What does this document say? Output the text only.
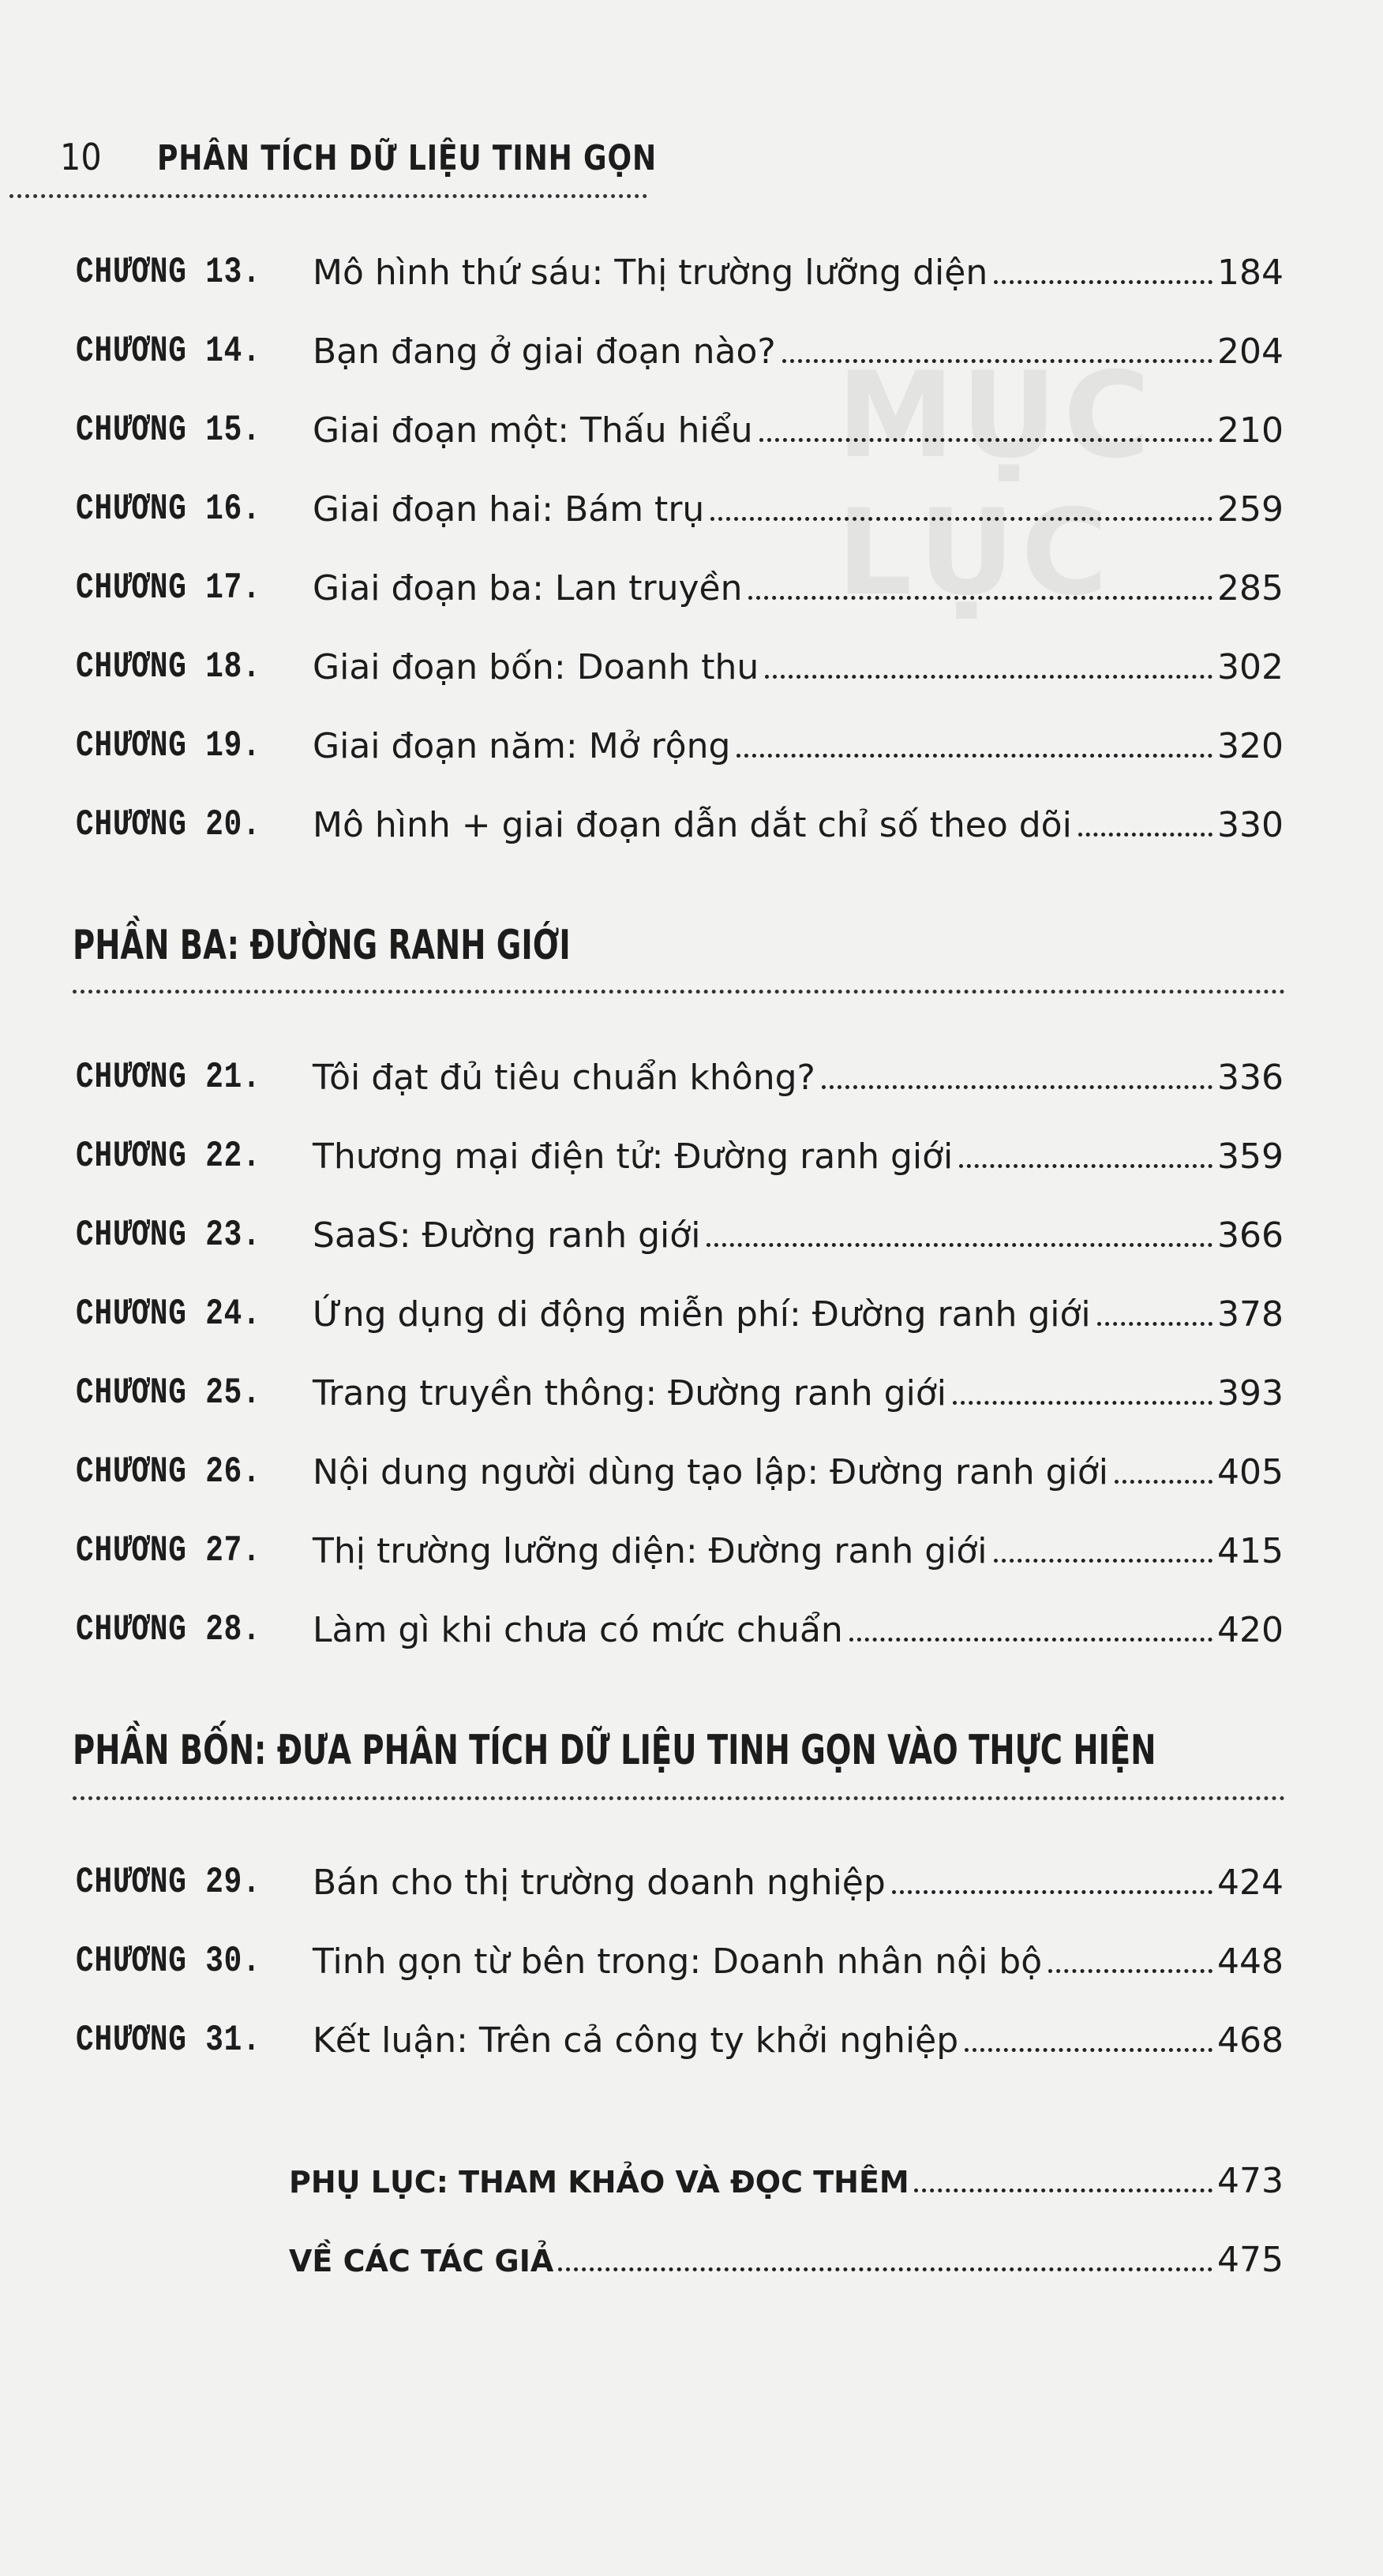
MỤC LỤC
10 PHÂN TÍCH DỮ LIỆU TINH GỌN
CHƯƠNG 13. Mô hình thứ sáu: Thị trường lưỡng diện	184
CHƯƠNG 14. Bạn đang ở giai đoạn nào?	204
CHƯƠNG 15. Giai đoạn một: Thấu hiểu	210
CHƯƠNG 16. Giai đoạn hai: Bám trụ	259
CHƯƠNG 17. Giai đoạn ba: Lan truyền	285
CHƯƠNG 18. Giai đoạn bốn: Doanh thu	302
CHƯƠNG 19. Giai đoạn năm: Mở rộng	320
CHƯƠNG 20. Mô hình + giai đoạn dẫn dắt chỉ số theo dõi	330
PHẦN BA: ĐƯỜNG RANH GIỚI
CHƯƠNG 21. Tôi đạt đủ tiêu chuẩn không?	336
CHƯƠNG 22. Thương mại điện tử: Đường ranh giới	359
CHƯƠNG 23. SaaS: Đường ranh giới	366
CHƯƠNG 24. Ứng dụng di động miễn phí: Đường ranh giới	378
CHƯƠNG 25. Trang truyền thông: Đường ranh giới	393
CHƯƠNG 26. Nội dung người dùng tạo lập: Đường ranh giới	405
CHƯƠNG 27. Thị trường lưỡng diện: Đường ranh giới	415
CHƯƠNG 28. Làm gì khi chưa có mức chuẩn	420
PHẦN BỐN: ĐƯA PHÂN TÍCH DỮ LIỆU TINH GỌN VÀO THỰC HIỆN
CHƯƠNG 29. Bán cho thị trường doanh nghiệp	424
CHƯƠNG 30. Tinh gọn từ bên trong: Doanh nhân nội bộ	448
CHƯƠNG 31. Kết luận: Trên cả công ty khởi nghiệp	468
PHỤ LỤC: THAM KHẢO VÀ ĐỌC THÊM	473
VỀ CÁC TÁC GIẢ	475
